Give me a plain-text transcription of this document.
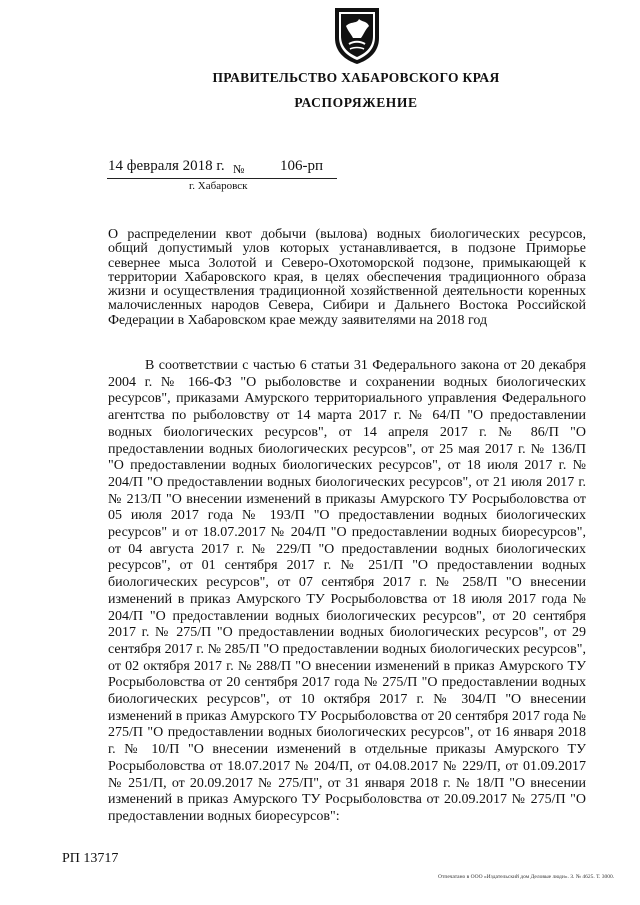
ПРАВИТЕЛЬСТВО ХАБАРОВСКОГО КРАЯ
РАСПОРЯЖЕНИЕ
14 февраля 2018 г. № 106-рп
г. Хабаровск
О распределении квот добычи (вылова) водных биологических ресурсов, общий допустимый улов которых устанавливается, в подзоне Приморье севернее мыса Золотой и Северо-Охотоморской подзоне, примыкающей к территории Хабаровского края, в целях обеспечения традиционного образа жизни и осуществления традиционной хозяйственной деятельности коренных малочисленных народов Севера, Сибири и Дальнего Востока Российской Федерации в Хабаровском крае между заявителями на 2018 год

В соответствии с частью 6 статьи 31 Федерального закона от 20 декабря 2004 г. № 166-ФЗ "О рыболовстве и сохранении водных биологических ресурсов", приказами Амурского территориального управления Федерального агентства по рыболовству от 14 марта 2017 г. № 64/П "О предоставлении водных биологических ресурсов", от 14 апреля 2017 г. № 86/П "О предоставлении водных биологических ресурсов", от 25 мая 2017 г. № 136/П "О предоставлении водных биологических ресурсов", от 18 июля 2017 г. № 204/П "О предоставлении водных биологических ресурсов", от 21 июля 2017 г. № 213/П "О внесении изменений в приказы Амурского ТУ Росрыболовства от 05 июля 2017 года № 193/П "О предоставлении водных биологических ресурсов" и от 18.07.2017 № 204/П "О предоставлении водных биоресурсов", от 04 августа 2017 г. № 229/П "О предоставлении водных биологических ресурсов", от 01 сентября 2017 г. № 251/П "О предоставлении водных биологических ресурсов", от 07 сентября 2017 г. № 258/П "О внесении изменений в приказ Амурского ТУ Росрыболовства от 18 июля 2017 года № 204/П "О предоставлении водных биологических ресурсов", от 20 сентября 2017 г. № 275/П "О предоставлении водных биологических ресурсов", от 29 сентября 2017 г. № 285/П "О предоставлении водных биологических ресурсов", от 02 октября 2017 г. № 288/П "О внесении изменений в приказ Амурского ТУ Росрыболовства от 20 сентября 2017 года № 275/П "О предоставлении водных биологических ресурсов", от 10 октября 2017 г. № 304/П "О внесении изменений в приказ Амурского ТУ Росрыболовства от 20 сентября 2017 года № 275/П "О предоставлении водных биологических ресурсов", от 16 января 2018 г. № 10/П "О внесении изменений в отдельные приказы Амурского ТУ Росрыболовства от 18.07.2017 № 204/П, от 04.08.2017 № 229/П, от 01.09.2017 № 251/П, от 20.09.2017 № 275/П", от 31 января 2018 г. № 18/П "О внесении изменений в приказ Амурского ТУ Росрыболовства от 20.09.2017 № 275/П "О предоставлении водных биоресурсов":

РП 13717
Отпечатано в ООО «Издательский дом Деловые люди». З. № 4625. Т. 3000.
